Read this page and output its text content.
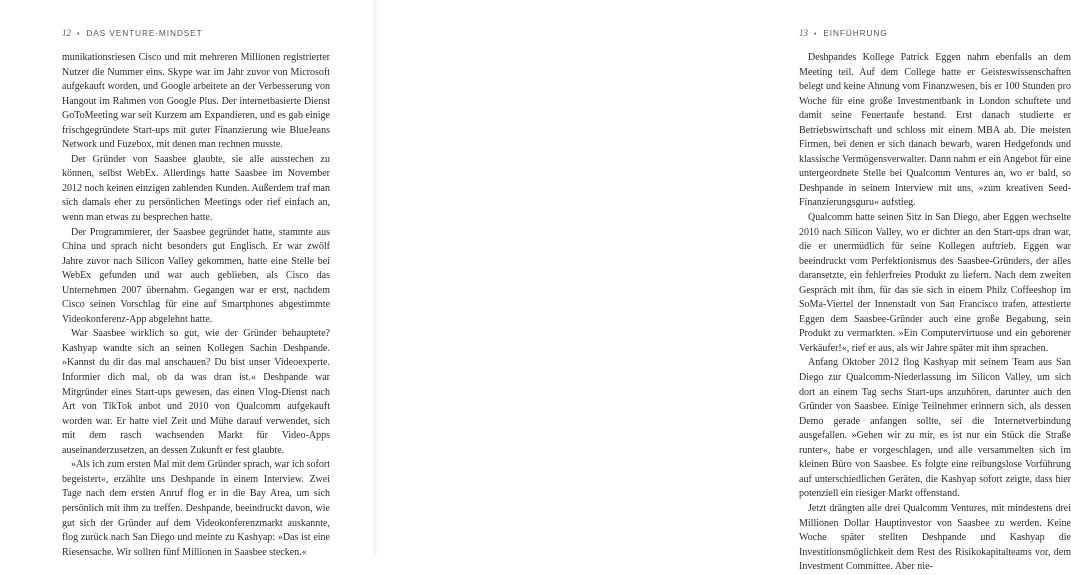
12 • DAS VENTURE-MINDSET

munikationsriesen Cisco und mit mehreren Millionen registrierter Nutzer die Nummer eins. Skype war im Jahr zuvor von Microsoft aufgekauft worden, und Google arbeitete an der Verbesserung von Hangout im Rahmen von Google Plus. Der internetbasierte Dienst GoToMeeting war seit Kurzem am Expandieren, und es gab einige frischgegründete Start-ups mit guter Finanzierung wie BlueJeans Network und Fuzebox, mit denen man rechnen musste.

Der Gründer von Saasbee glaubte, sie alle ausstechen zu können, selbst WebEx. Allerdings hatte Saasbee im November 2012 noch keinen einzigen zahlenden Kunden. Außerdem traf man sich damals eher zu persönlichen Meetings oder rief einfach an, wenn man etwas zu besprechen hatte.

Der Programmierer, der Saasbee gegründet hatte, stammte aus China und sprach nicht besonders gut Englisch. Er war zwölf Jahre zuvor nach Silicon Valley gekommen, hatte eine Stelle bei WebEx gefunden und war auch geblieben, als Cisco das Unternehmen 2007 übernahm. Gegangen war er erst, nachdem Cisco seinen Vorschlag für eine auf Smartphones abgestimmte Videokonferenz-App abgelehnt hatte.

War Saasbee wirklich so gut, wie der Gründer behauptete? Kashyap wandte sich an seinen Kollegen Sachin Deshpande. »Kannst du dir das mal anschauen? Du bist unser Videoexperte. Informier dich mal, ob da was dran ist.« Deshpande war Mitgründer eines Start-ups gewesen, das einen Vlog-Dienst nach Art von TikTok anbot und 2010 von Qualcomm aufgekauft worden war. Er hatte viel Zeit und Mühe darauf verwendet, sich mit dem rasch wachsenden Markt für Video-Apps auseinanderzusetzen, an dessen Zukunft er fest glaubte.

»Als ich zum ersten Mal mit dem Gründer sprach, war ich sofort begeistert«, erzählte uns Deshpande in einem Interview. Zwei Tage nach dem ersten Anruf flog er in die Bay Area, um sich persönlich mit ihm zu treffen. Deshpande, beeindruckt davon, wie gut sich der Gründer auf dem Videokonferenzmarkt auskannte, flog zurück nach San Diego und meinte zu Kashyap: »Das ist eine Riesensache. Wir sollten fünf Millionen in Saasbee stecken.«

13 • EINFÜHRUNG

Deshpandes Kollege Patrick Eggen nahm ebenfalls an dem Meeting teil. Auf dem College hatte er Geisteswissenschaften belegt und keine Ahnung vom Finanzwesen, bis er 100 Stunden pro Woche für eine große Investmentbank in London schuftete und damit seine Feuertaufe bestand. Erst danach studierte er Betriebswirtschaft und schloss mit einem MBA ab. Die meisten Firmen, bei denen er sich danach bewarb, waren Hedgefonds und klassische Vermögensverwalter. Dann nahm er ein Angebot für eine untergeordnete Stelle bei Qualcomm Ventures an, wo er bald, so Deshpande in seinem Interview mit uns, »zum kreativen Seed-Finanzierungsguru« aufstieg.

Qualcomm hatte seinen Sitz in San Diego, aber Eggen wechselte 2010 nach Silicon Valley, wo er dichter an den Start-ups dran war, die er unermüdlich für seine Kollegen auftrieb. Eggen war beeindruckt vom Perfektionismus des Saasbee-Gründers, der alles daransetzte, ein fehlerfreies Produkt zu liefern. Nach dem zweiten Gespräch mit ihm, für das sie sich in einem Philz Coffeeshop im SoMa-Viertel der Innenstadt von San Francisco trafen, attestierte Eggen dem Saasbee-Gründer auch eine große Begabung, sein Produkt zu vermarkten. »Ein Computervirtuose und ein geborener Verkäufer!«, rief er aus, als wir Jahre später mit ihm sprachen.

Anfang Oktober 2012 flog Kashyap mit seinem Team aus San Diego zur Qualcomm-Niederlassung im Silicon Valley, um sich dort an einem Tag sechs Start-ups anzuhören, darunter auch den Gründer von Saasbee. Einige Teilnehmer erinnern sich, als dessen Demo gerade anfangen sollte, sei die Internetverbindung ausgefallen. »Gehen wir zu mir, es ist nur ein Stück die Straße runter«, habe er vorgeschlagen, und alle versammelten sich im kleinen Büro von Saasbee. Es folgte eine reibungslose Vorführung auf unterschiedlichen Geräten, die Kashyap sofort zeigte, dass hier potenziell ein riesiger Markt offenstand.

Jetzt drängten alle drei Qualcomm Ventures, mit mindestens drei Millionen Dollar Hauptinvestor von Saasbee zu werden. Keine Woche später stellten Deshpande und Kashyap die Investitionsmöglichkeit dem Rest des Risikokapitalteams vor, dem Investment Committee. Aber nie-
